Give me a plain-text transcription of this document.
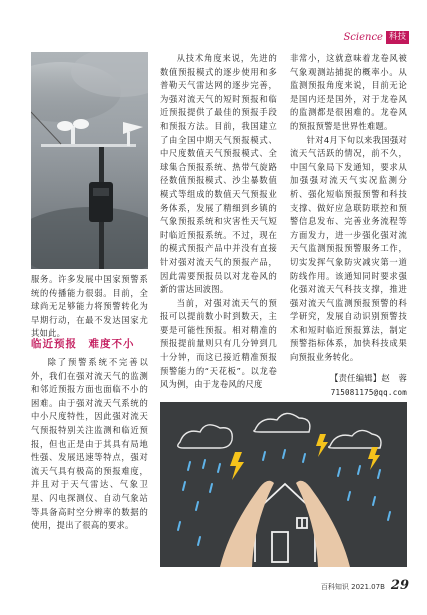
Science 科技

服务。许多发展中国家预警系统的传播能力很弱。目前，全球尚无足够能力将预警转化为早期行动，在最不发达国家尤其如此。

临近预报　难度不小

除了预警系统不完善以外，我们在强对流天气的监测和邻近预报方面也面临不小的困难。由于强对流天气系统的中小尺度特性，因此强对流天气预报特别关注监测和临近预报，但也正是由于其具有局地性强、发展迅速等特点，强对流天气具有极高的预报难度，并且对于天气雷达、气象卫星、闪电探测仪、自动气象站等具备高时空分辨率的数据的使用，提出了很高的要求。

从技术角度来说，先进的数值预报模式的逐步使用和多普勒天气雷达网的逐步完善，为强对流天气的短时预报和临近预报提供了最佳的预报手段和预报方法。目前，我国建立了由全国中期天气预报模式、中尺度数值天气预报模式、全球集合预报系统、热带气旋路径数值预报模式、沙尘暴数值模式等组成的数值天气预报业务体系，发展了精细到乡镇的气象预报系统和灾害性天气短时临近预报系统。不过，现在的模式预报产品中并没有直接针对强对流天气的预报产品，因此需要预报员以对龙卷风的新的雷达回波图。

当前，对强对流天气的预报可以提前数小时到数天，主要是可能性预报。相对精准的预报提前量则只有几分钟到几十分钟，而这已接近精准预报预警能力的“天花板”。以龙卷风为例，由于龙卷风的尺度

非常小，这就意味着龙卷风被气象观测站捕捉的概率小。从监测预报角度来说，目前无论是国内还是国外，对于龙卷风的监测都是很困难的。龙卷风的预报预警是世界性难题。

针对4月下旬以来我国强对流天气活跃的情况，前不久，中国气象局下发通知，要求从加强强对流天气实况监测分析、强化短临预报预警和科技支撑、做好应急联防联控和预警信息发布、完善业务流程等方面发力，进一步强化强对流天气监测预报预警服务工作，切实发挥气象防灾减灾第一道防线作用。该通知同时要求强化强对流天气科技支撑，推进强对流天气监测预报预警的科学研究，发展自动识别预警技术和短时临近预报算法，制定预警指标体系，加快科技成果向预报业务转化。

【责任编辑】赵　蓉
715081175@qq.com
百科知识 2021.07B 29
